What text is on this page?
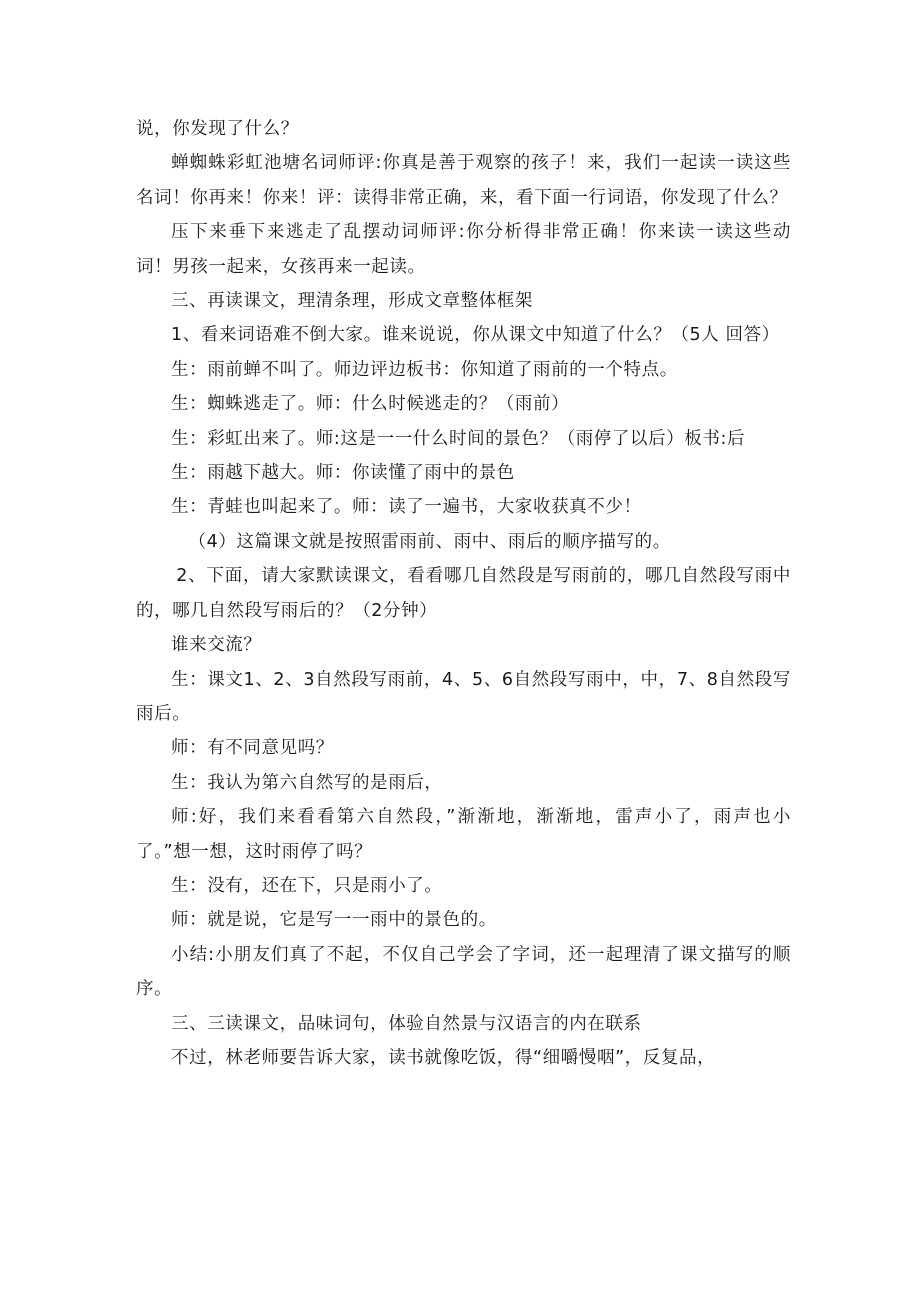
说，你发现了什么？

蝉蜘蛛彩虹池塘名词师评:你真是善于观察的孩子！来，我们一起读一读这些名词！你再来！你来！评：读得非常正确，来，看下面一行词语，你发现了什么？

压下来垂下来逃走了乱摆动词师评:你分析得非常正确！你来读一读这些动词！男孩一起来，女孩再来一起读。

三、再读课文，理清条理，形成文章整体框架

1、看来词语难不倒大家。谁来说说，你从课文中知道了什么？（5人 回答）

生：雨前蝉不叫了。师边评边板书：你知道了雨前的一个特点。

生：蜘蛛逃走了。师：什么时候逃走的？（雨前）

生：彩虹出来了。师:这是一一什么时间的景色？（雨停了以后）板书:后

生：雨越下越大。师：你读懂了雨中的景色

生：青蛙也叫起来了。师：读了一遍书，大家收获真不少！

（4）这篇课文就是按照雷雨前、雨中、雨后的顺序描写的。

2、下面，请大家默读课文，看看哪几自然段是写雨前的，哪几自然段写雨中的，哪几自然段写雨后的？（2分钟）

谁来交流？

生：课文1、2、3自然段写雨前，4、5、6自然段写雨中，中，7、8自然段写雨后。

师：有不同意见吗？

生：我认为第六自然写的是雨后，

师:好，我们来看看第六自然段，”渐渐地，渐渐地，雷声小了，雨声也小了。”想一想，这时雨停了吗？

生：没有，还在下，只是雨小了。

师：就是说，它是写一一雨中的景色的。

小结:小朋友们真了不起，不仅自己学会了字词，还一起理清了课文描写的顺序。

三、三读课文，品味词句，体验自然景与汉语言的内在联系

不过，林老师要告诉大家，读书就像吃饭，得“细嚼慢咽”，反复品，
